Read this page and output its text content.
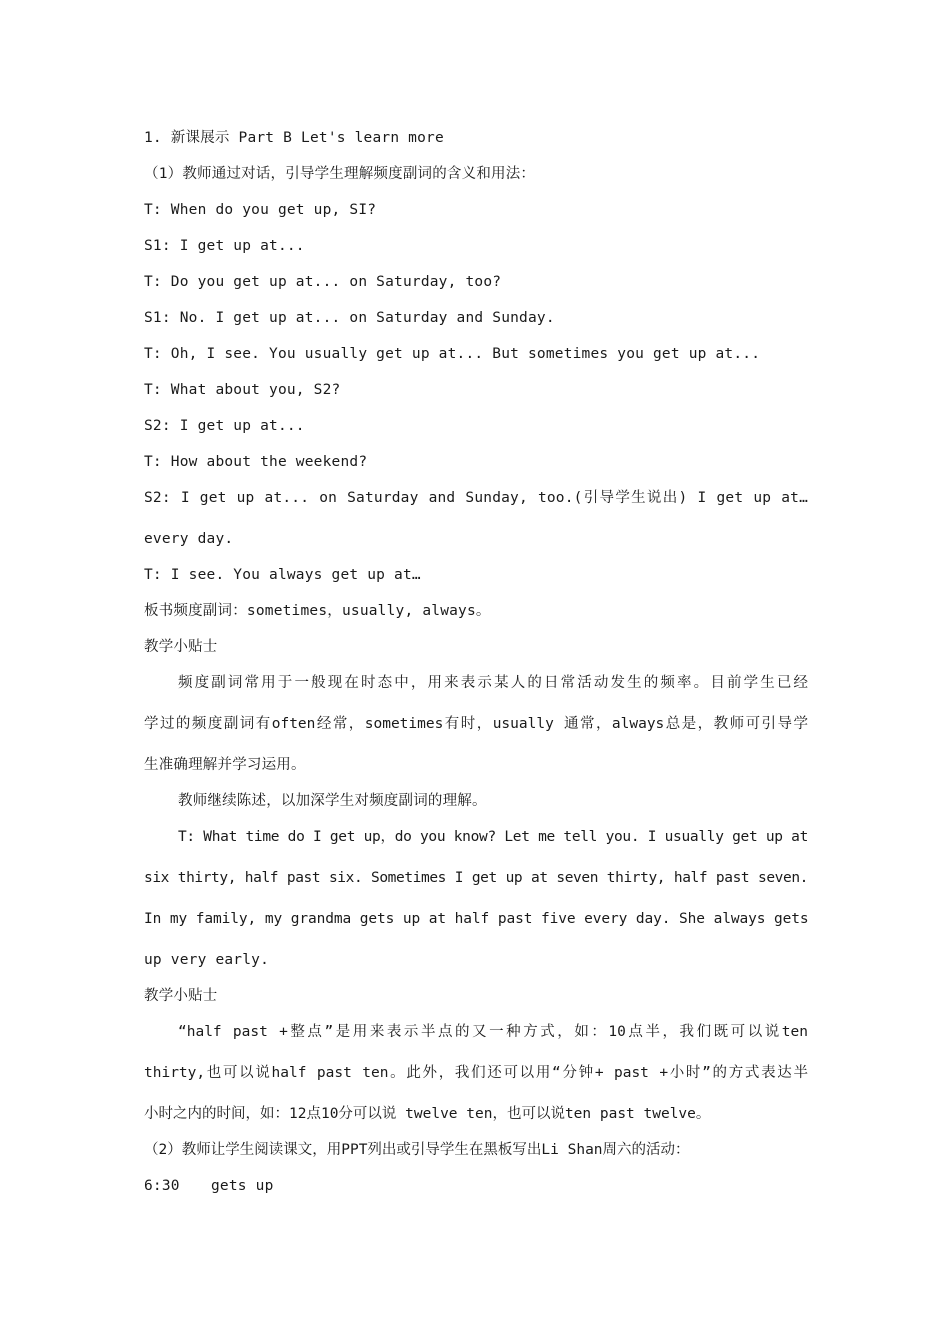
1. 新课展示 Part B Let's learn more
（1）教师通过对话，引导学生理解频度副词的含义和用法：
T: When do you get up, SI?
S1: I get up at...
T: Do you get up at... on Saturday, too?
S1: No. I get up at... on Saturday and Sunday.
T: Oh, I see. You usually get up at... But sometimes you get up at...
T: What about you, S2?
S2: I get up at...
T: How about the weekend?
S2: I get up at... on Saturday and Sunday, too.(引导学生说出) I get up at…
every day.
T: I see. You always get up at…
板书频度副词：sometimes，usually, always。
教学小贴士
频度副词常用于一般现在时态中，用来表示某人的日常活动发生的频率。目前学生已经
学过的频度副词有often经常，sometimes有时，usually 通常，always总是，教师可引导学
生准确理解并学习运用。
教师继续陈述，以加深学生对频度副词的理解。
T: What time do I get up，do you know? Let me tell you. I usually get up at
six thirty, half past six. Sometimes I get up at seven thirty, half past seven.
In my family, my grandma gets up at half past five every day. She always gets
up very early.
教学小贴士
“half past +整点”是用来表示半点的又一种方式，如：10点半，我们既可以说ten
thirty,也可以说half past ten。此外，我们还可以用“分钟+ past +小时”的方式表达半
小时之内的时间，如：12点10分可以说 twelve ten，也可以说ten past twelve。
（2）教师让学生阅读课文，用PPT列出或引导学生在黑板写出Li Shan周六的活动：
6:30	gets up
